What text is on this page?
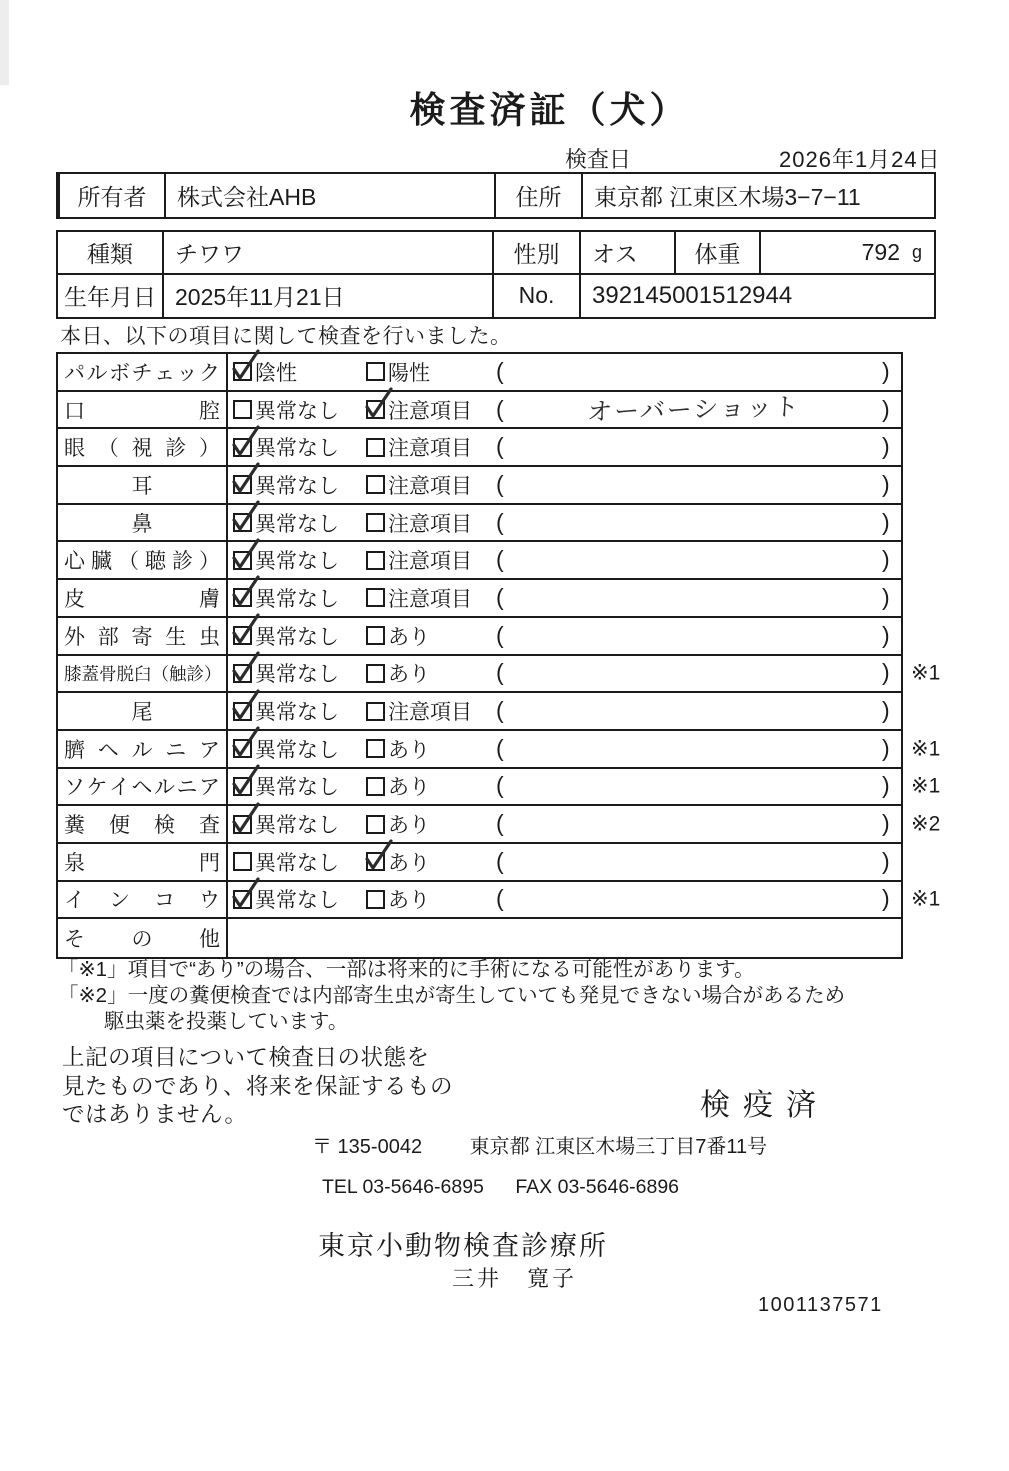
検査済証（犬）
検査日	2026年1月24日
所有者	株式会社AHB	住所	東京都 江東区木場3−7−11
種類	チワワ	性別	オス	体重	792 g
生年月日 2025年11月21日	No.	392145001512944
本日、以下の項目に関して検査を行いました。
パ ル ボ チ ェ ッ ク 陰性	陽性	(	)
口	腔 異常なし 注意項目 (	オーバーショット	)
眼 （ 視 診 ） 異常なし 注意項目 (	)
耳	異常なし 注意項目 (	)
鼻	異常なし 注意項目 (	)
心 臓 （ 聴 診 ） 異常なし 注意項目 (	)
皮	膚 異常なし 注意項目 (	)
外 部 寄 生 虫 異常なし あり	(	)
膝 蓋 骨 脱 臼 （ 触 診 ） 異常なし あり	(	) ※1
尾	異常なし 注意項目 (	)
臍 ヘ ル ニ ア 異常なし あり	(	) ※1
ソ ケ イ ヘ ル ニ ア 異常なし あり	(	) ※1
糞 便 検 査 異常なし あり	(	) ※2
泉	門 異常なし あり	(	)
イ ン コ ウ 異常なし あり	(	) ※1
そ の 他
「※1」項目で“あり”の場合、一部は将来的に手術になる可能性があります。
「※2」一度の糞便検査では内部寄生虫が寄生していても発見できない場合があるため
駆虫薬を投薬しています。
上記の項目について検査日の状態を
見たものであり、将来を保証するもの
ではありません。	検疫済
〒 135-0042 東京都 江東区木場三丁目7番11号
TEL 03-5646-6895 FAX 03-5646-6896
東京小動物検査診療所
三井　寛子
1001137571
